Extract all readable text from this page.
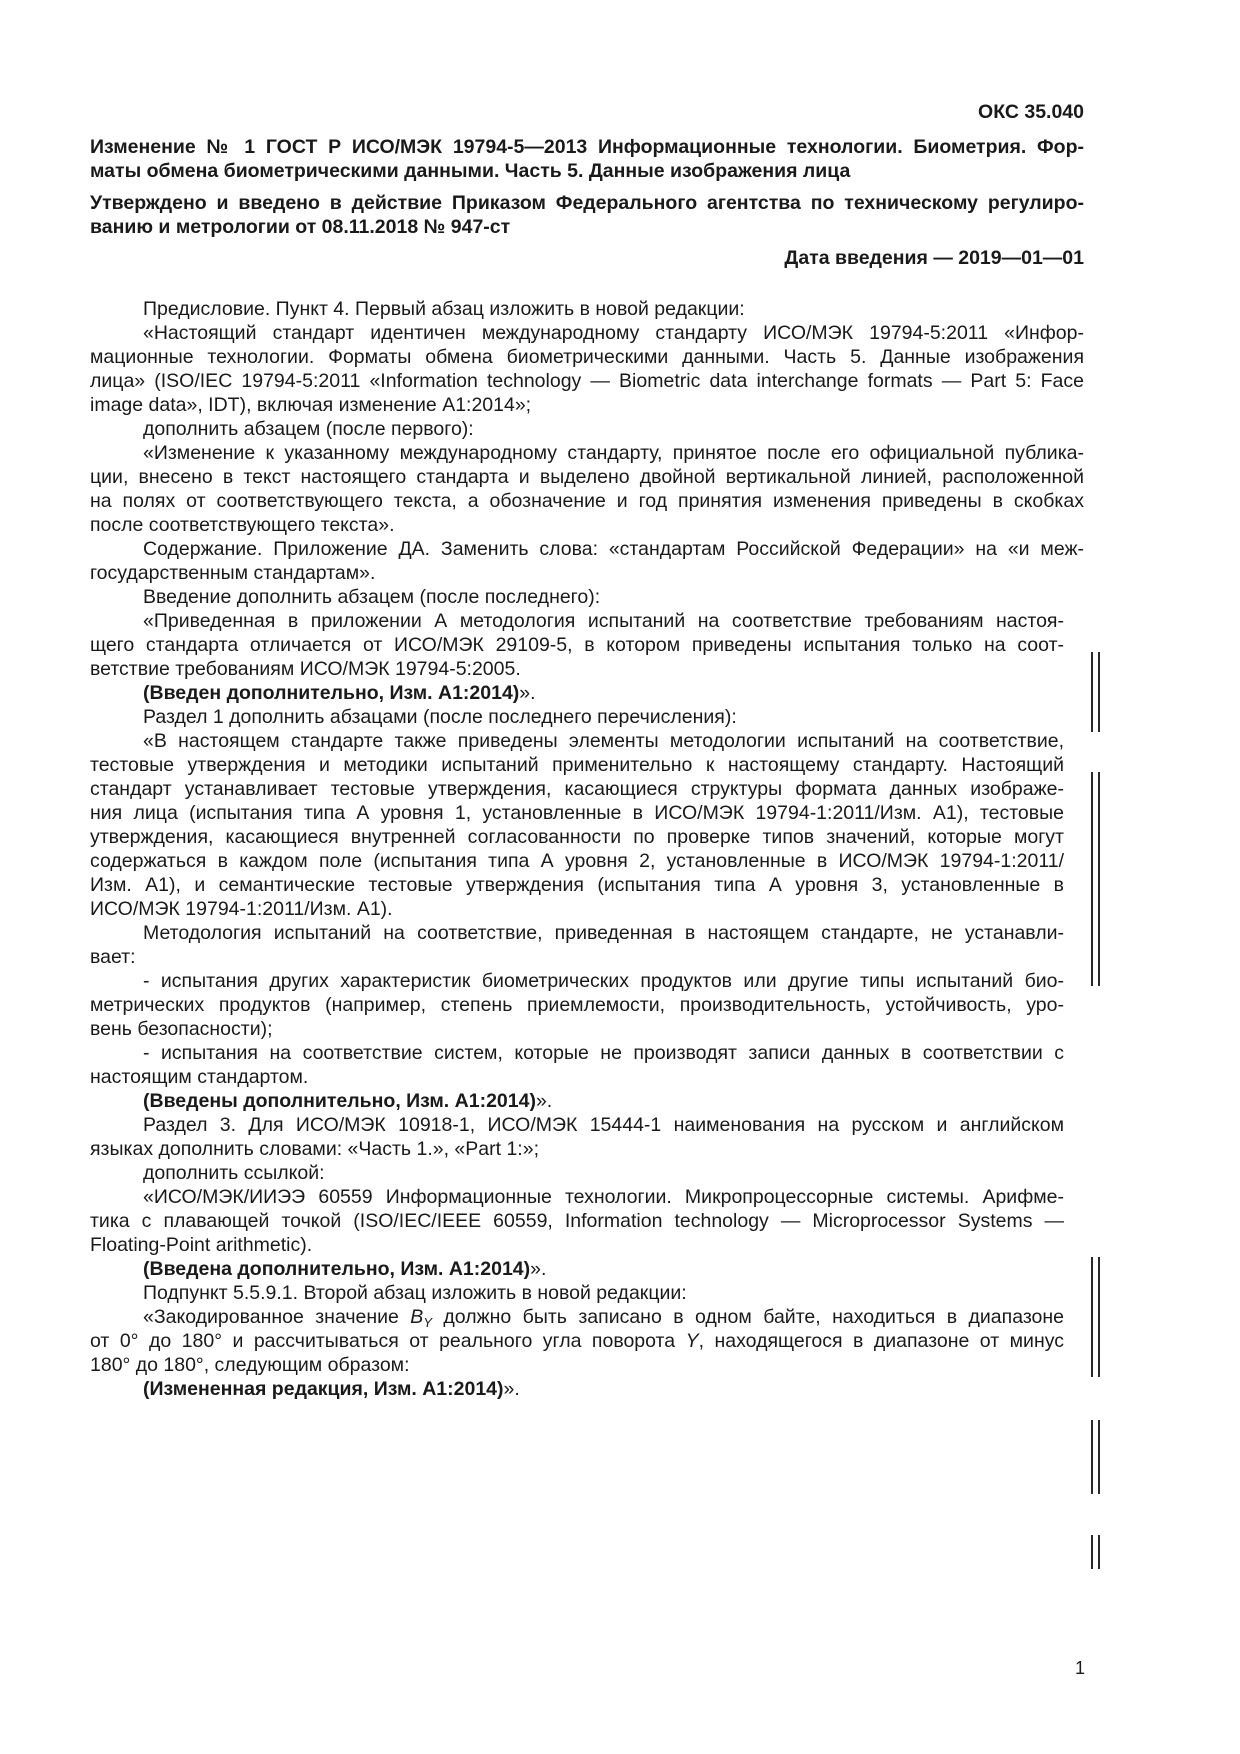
ОКС 35.040

Изменение № 1 ГОСТ Р ИСО/МЭК 19794-5—2013 Информационные технологии. Биометрия. Фор-

маты обмена биометрическими данными. Часть 5. Данные изображения лица

Утверждено и введено в действие Приказом Федерального агентства по техническому регулиро-

ванию и метрологии от 08.11.2018 № 947-ст

Дата введения — 2019—01—01

Предисловие. Пункт 4. Первый абзац изложить в новой редакции:

«Настоящий стандарт идентичен международному стандарту ИСО/МЭК 19794-5:2011 «Инфор-

мационные технологии. Форматы обмена биометрическими данными. Часть 5. Данные изображения

лица» (ISO/IEC 19794-5:2011 «Information technology — Biometric data interchange formats — Part 5: Face

image data», IDT), включая изменение А1:2014»;

дополнить абзацем (после первого):

«Изменение к указанному международному стандарту, принятое после его официальной публика-

ции, внесено в текст настоящего стандарта и выделено двойной вертикальной линией, расположенной

на полях от соответствующего текста, а обозначение и год принятия изменения приведены в скобках

после соответствующего текста».

Содержание. Приложение ДА. Заменить слова: «стандартам Российской Федерации» на «и меж-

государственным стандартам».

Введение дополнить абзацем (после последнего):

«Приведенная в приложении А методология испытаний на соответствие требованиям настоя-

щего стандарта отличается от ИСО/МЭК 29109-5, в котором приведены испытания только на соот-

ветствие требованиям ИСО/МЭК 19794-5:2005.

(Введен дополнительно, Изм. А1:2014)».

Раздел 1 дополнить абзацами (после последнего перечисления):

«В настоящем стандарте также приведены элементы методологии испытаний на соответствие,

тестовые утверждения и методики испытаний применительно к настоящему стандарту. Настоящий

стандарт устанавливает тестовые утверждения, касающиеся структуры формата данных изображе-

ния лица (испытания типа А уровня 1, установленные в ИСО/МЭК 19794-1:2011/Изм. А1), тестовые

утверждения, касающиеся внутренней согласованности по проверке типов значений, которые могут

содержаться в каждом поле (испытания типа А уровня 2, установленные в ИСО/МЭК 19794-1:2011/

Изм. А1), и семантические тестовые утверждения (испытания типа А уровня 3, установленные в

ИСО/МЭК 19794-1:2011/Изм. А1).

Методология испытаний на соответствие, приведенная в настоящем стандарте, не устанавли-

вает:

- испытания других характеристик биометрических продуктов или другие типы испытаний био-

метрических продуктов (например, степень приемлемости, производительность, устойчивость, уро-

вень безопасности);

- испытания на соответствие систем, которые не производят записи данных в соответствии с

настоящим стандартом.

(Введены дополнительно, Изм. А1:2014)».

Раздел 3. Для ИСО/МЭК 10918-1, ИСО/МЭК 15444-1 наименования на русском и английском

языках дополнить словами: «Часть 1.», «Part 1:»;

дополнить ссылкой:

«ИСО/МЭК/ИИЭЭ 60559 Информационные технологии. Микропроцессорные системы. Арифме-

тика с плавающей точкой (ISO/IEC/IEEE 60559, Information technology — Microprocessor Systems —

Floating-Point arithmetic).

(Введена дополнительно, Изм. А1:2014)».

Подпункт 5.5.9.1. Второй абзац изложить в новой редакции:

«Закодированное значение $B_Y$ должно быть записано в одном байте, находиться в диапазоне

от 0° до 180° и рассчитываться от реального угла поворота Y, находящегося в диапазоне от минус

180° до 180°, следующим образом:

(Измененная редакция, Изм. А1:2014)».

1
